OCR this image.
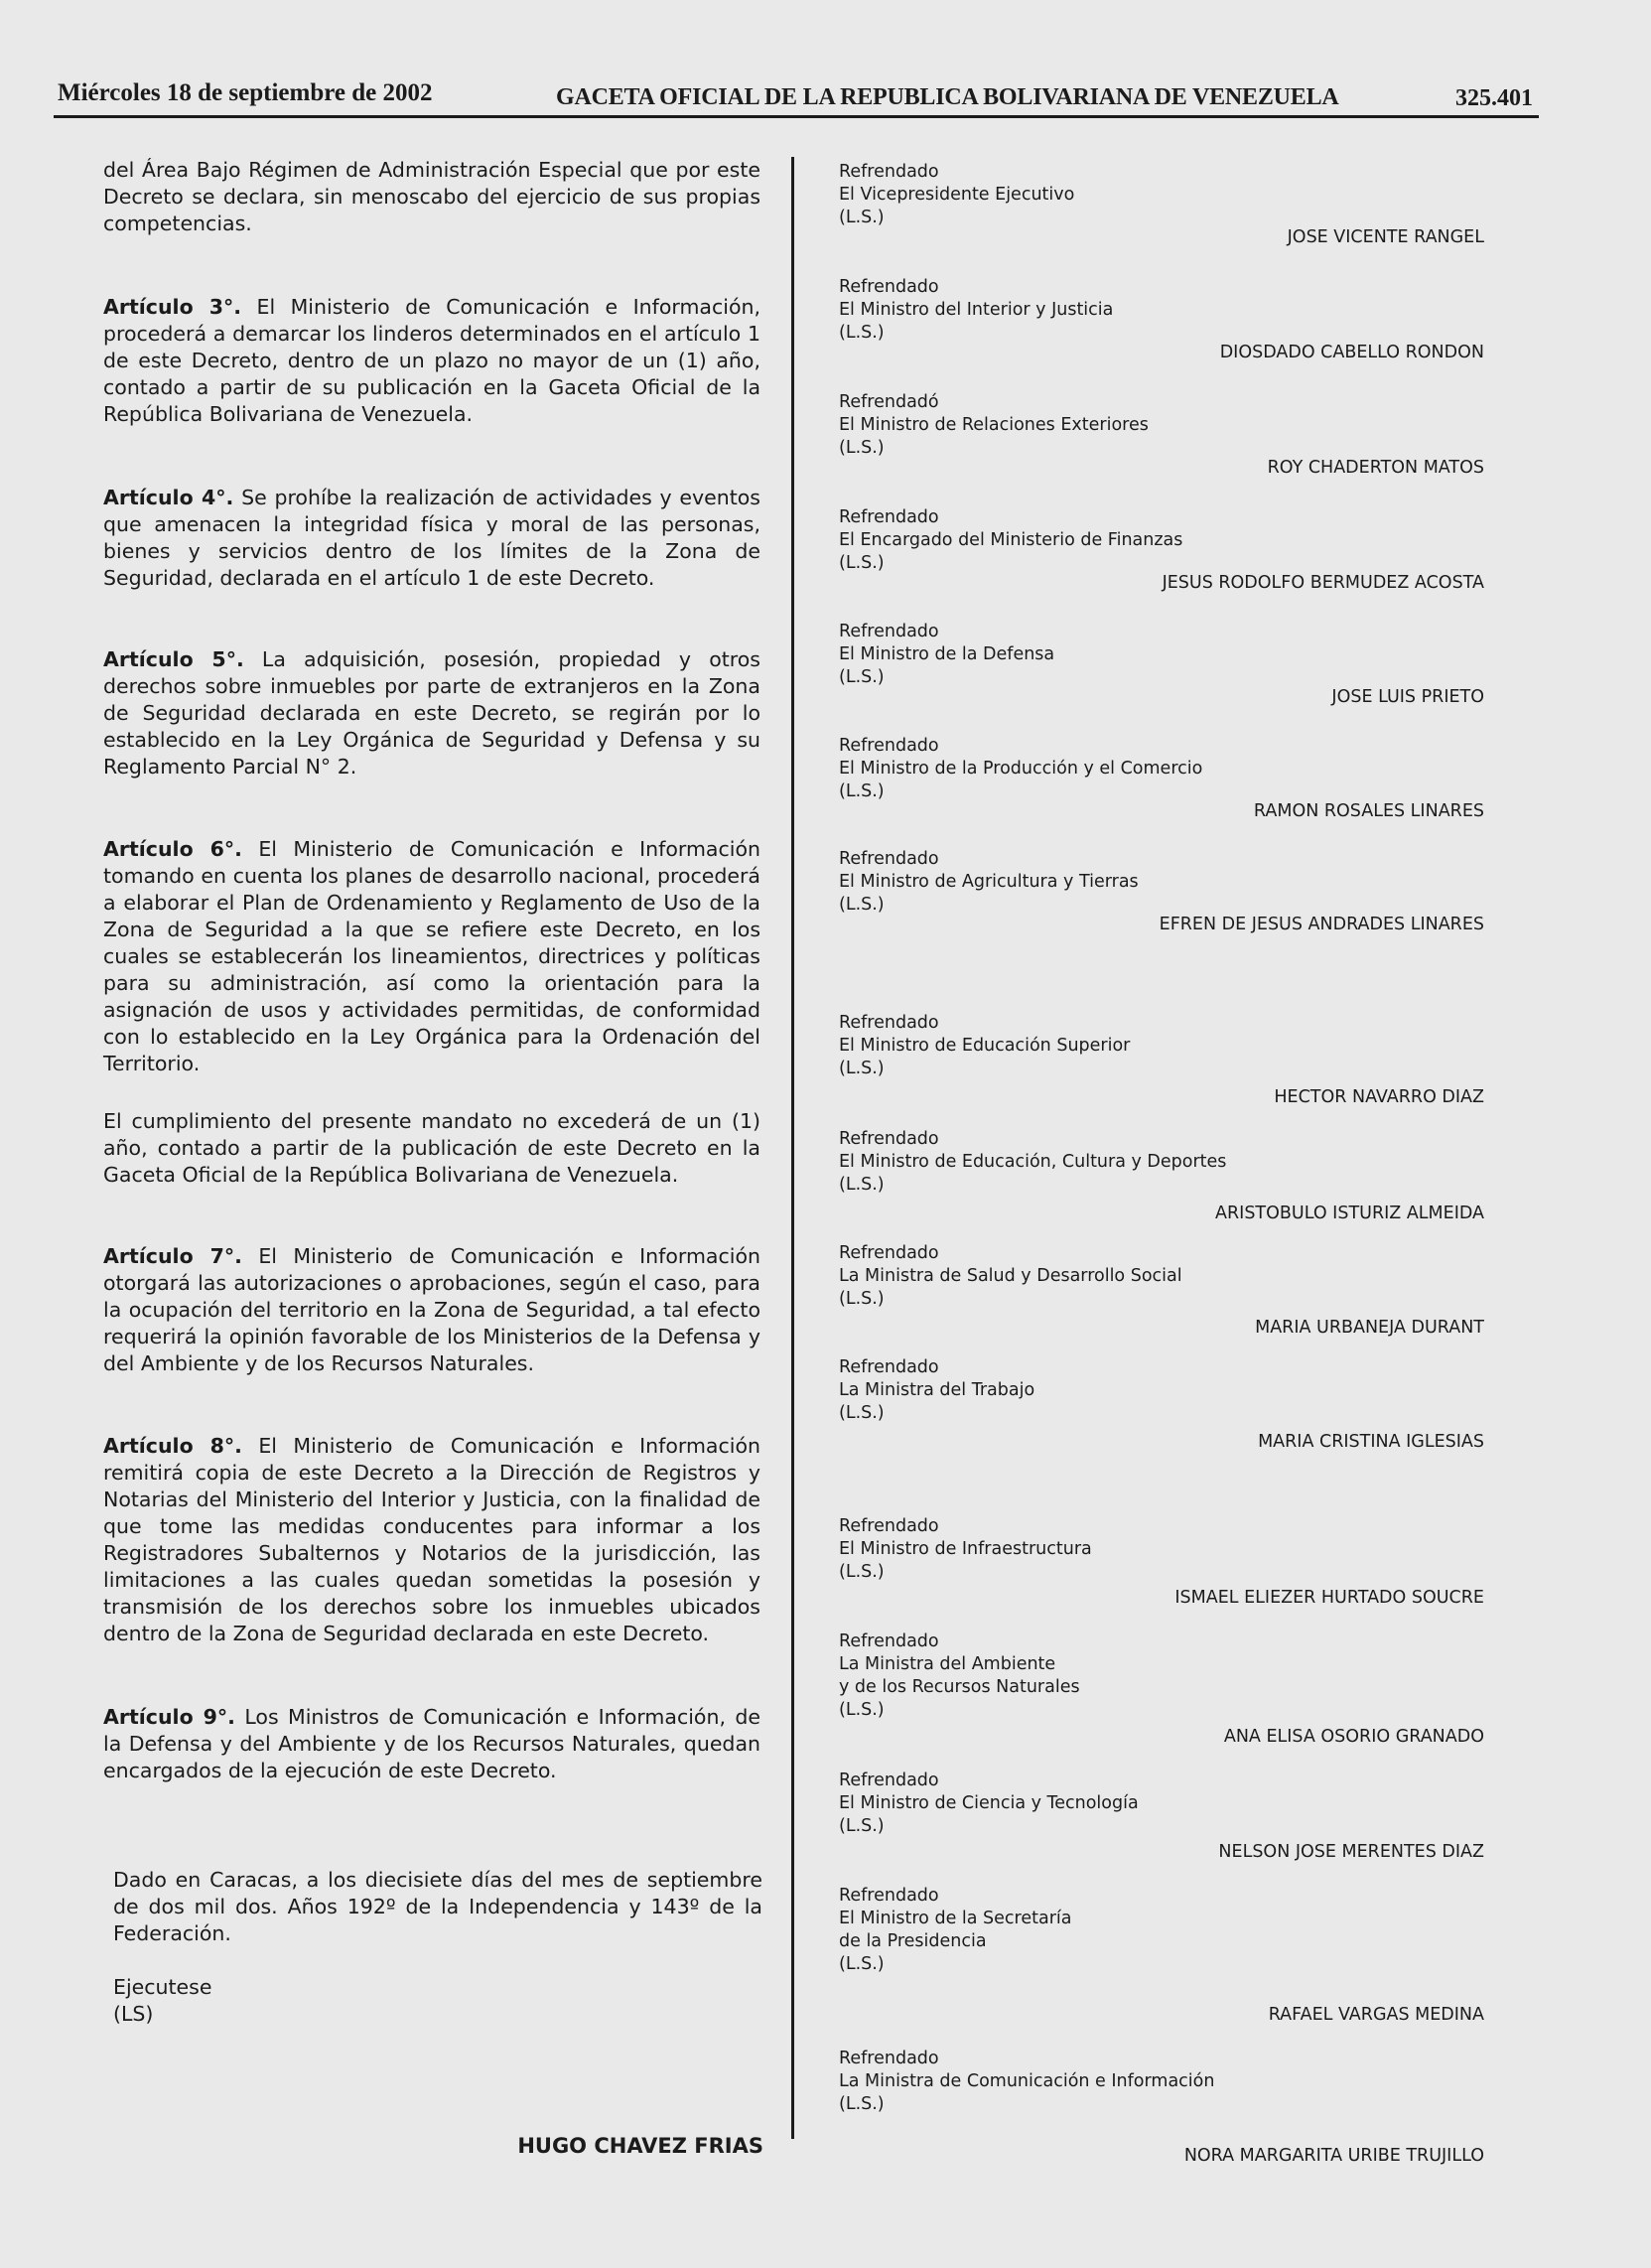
Miércoles 18 de septiembre de 2002	GACETA OFICIAL DE LA REPUBLICA BOLIVARIANA DE VENEZUELA	325.401

del Área Bajo Régimen de Administración Especial que por este Decreto se declara, sin menoscabo del ejercicio de sus propias competencias.

Artículo 3°. El Ministerio de Comunicación e Información, procederá a demarcar los linderos determinados en el artículo 1 de este Decreto, dentro de un plazo no mayor de un (1) año, contado a partir de su publicación en la Gaceta Oficial de la República Bolivariana de Venezuela.

Artículo 4°. Se prohíbe la realización de actividades y eventos que amenacen la integridad física y moral de las personas, bienes y servicios dentro de los límites de la Zona de Seguridad, declarada en el artículo 1 de este Decreto.

Artículo 5°. La adquisición, posesión, propiedad y otros derechos sobre inmuebles por parte de extranjeros en la Zona de Seguridad declarada en este Decreto, se regirán por lo establecido en la Ley Orgánica de Seguridad y Defensa y su Reglamento Parcial N° 2.

Artículo 6°. El Ministerio de Comunicación e Información tomando en cuenta los planes de desarrollo nacional, procederá a elaborar el Plan de Ordenamiento y Reglamento de Uso de la Zona de Seguridad a la que se refiere este Decreto, en los cuales se establecerán los lineamientos, directrices y políticas para su administración, así como la orientación para la asignación de usos y actividades permitidas, de conformidad con lo establecido en la Ley Orgánica para la Ordenación del Territorio.

El cumplimiento del presente mandato no excederá de un (1) año, contado a partir de la publicación de este Decreto en la Gaceta Oficial de la República Bolivariana de Venezuela.

Artículo 7°. El Ministerio de Comunicación e Información otorgará las autorizaciones o aprobaciones, según el caso, para la ocupación del territorio en la Zona de Seguridad, a tal efecto requerirá la opinión favorable de los Ministerios de la Defensa y del Ambiente y de los Recursos Naturales.

Artículo 8°. El Ministerio de Comunicación e Información remitirá copia de este Decreto a la Dirección de Registros y Notarias del Ministerio del Interior y Justicia, con la finalidad de que tome las medidas conducentes para informar a los Registradores Subalternos y Notarios de la jurisdicción, las limitaciones a las cuales quedan sometidas la posesión y transmisión de los derechos sobre los inmuebles ubicados dentro de la Zona de Seguridad declarada en este Decreto.

Artículo 9°. Los Ministros de Comunicación e Información, de la Defensa y del Ambiente y de los Recursos Naturales, quedan encargados de la ejecución de este Decreto.

Dado en Caracas, a los diecisiete días del mes de septiembre de dos mil dos. Años 192º de la Independencia y 143º de la Federación.

Ejecutese

(LS)

HUGO CHAVEZ FRIAS
Refrendado
El Vicepresidente Ejecutivo
(L.S.)
JOSE VICENTE RANGEL
Refrendado
El Ministro del Interior y Justicia
(L.S.)
DIOSDADO CABELLO RONDON
Refrendadó
El Ministro de Relaciones Exteriores
(L.S.)
ROY CHADERTON MATOS
Refrendado
El Encargado del Ministerio de Finanzas
(L.S.)
JESUS RODOLFO BERMUDEZ ACOSTA
Refrendado
El Ministro de la Defensa
(L.S.)
JOSE LUIS PRIETO
Refrendado
El Ministro de la Producción y el Comercio
(L.S.)
RAMON ROSALES LINARES
Refrendado
El Ministro de Agricultura y Tierras
(L.S.)
EFREN DE JESUS ANDRADES LINARES
Refrendado
El Ministro de Educación Superior
(L.S.)
HECTOR NAVARRO DIAZ
Refrendado
El Ministro de Educación, Cultura y Deportes
(L.S.)
ARISTOBULO ISTURIZ ALMEIDA
Refrendado
La Ministra de Salud y Desarrollo Social
(L.S.)
MARIA URBANEJA DURANT
Refrendado
La Ministra del Trabajo
(L.S.)
MARIA CRISTINA IGLESIAS
Refrendado
El Ministro de Infraestructura
(L.S.)
ISMAEL ELIEZER HURTADO SOUCRE
Refrendado
La Ministra del Ambiente
y de los Recursos Naturales
(L.S.)
ANA ELISA OSORIO GRANADO
Refrendado
El Ministro de Ciencia y Tecnología
(L.S.)
NELSON JOSE MERENTES DIAZ
Refrendado
El Ministro de la Secretaría
de la Presidencia
(L.S.)
RAFAEL VARGAS MEDINA
Refrendado
La Ministra de Comunicación e Información
(L.S.)
NORA MARGARITA URIBE TRUJILLO
